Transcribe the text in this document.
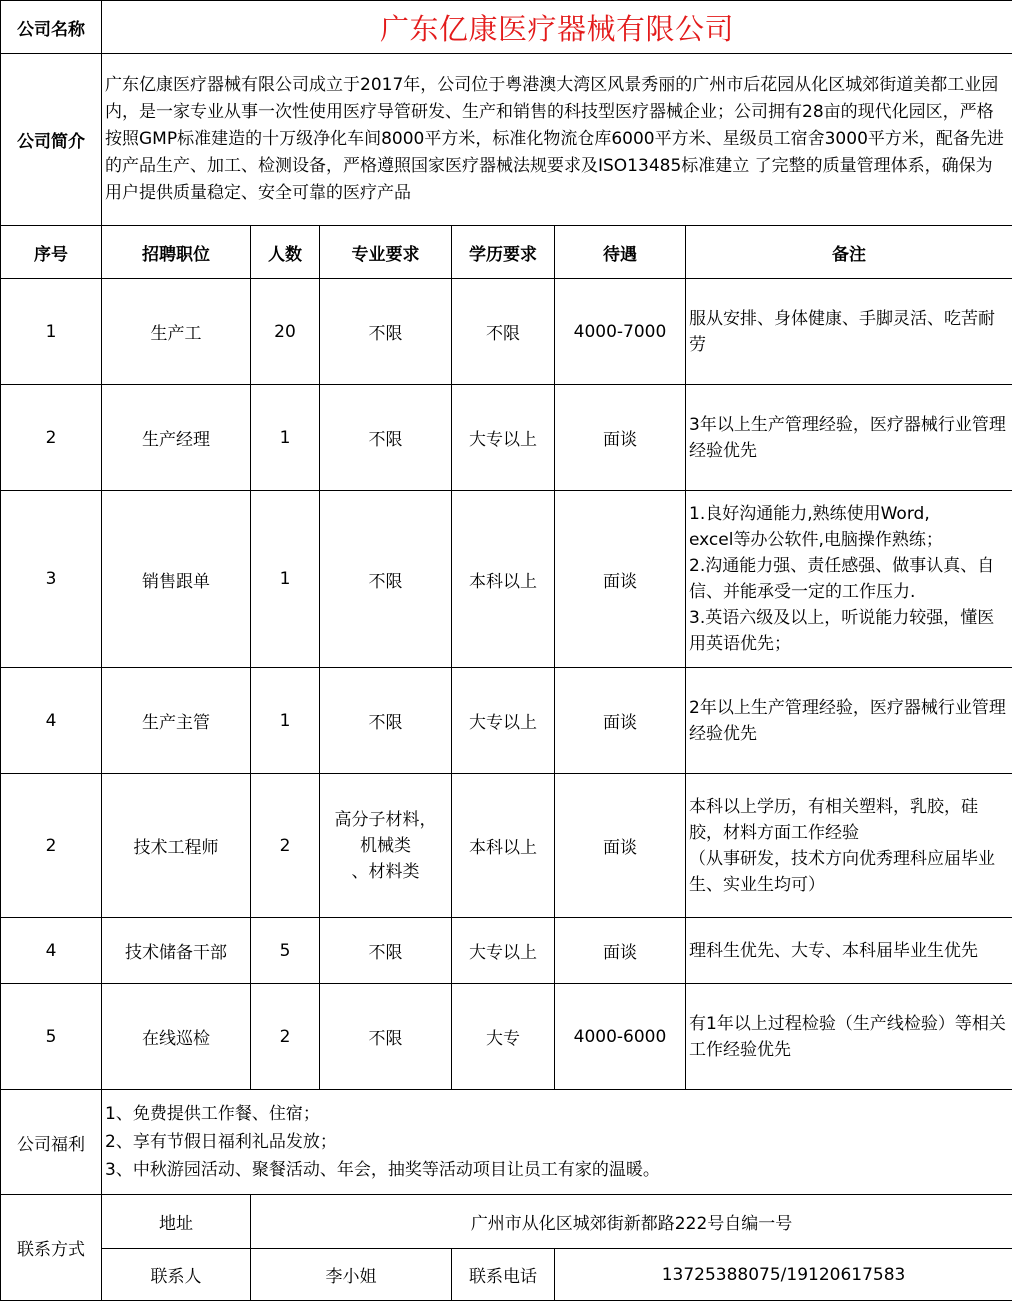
公司名称	广东亿康医疗器械有限公司					
公司简介	广东亿康医疗器械有限公司成立于2017年，公司位于粤港澳大湾区风景秀丽的广州市后花园从化区城郊街道美都工业园内，是一家专业从事一次性使用医疗导管研发、生产和销售的科技型医疗器械企业；公司拥有28亩的现代化园区，严格按照GMP标准建造的十万级净化车间8000平方米，标准化物流仓库6000平方米、星级员工宿舍3000平方米，配备先进的产品生产、加工、检测设备，严格遵照国家医疗器械法规要求及ISO13485标准建立 了完整的质量管理体系，确保为用户提供质量稳定、安全可靠的医疗产品					
序号	招聘职位	人数	专业要求	学历要求	待遇	备注
1	生产工	20	不限	不限	4000-7000	服从安排、身体健康、手脚灵活、吃苦耐劳
2	生产经理	1	不限	大专以上	面谈	3年以上生产管理经验，医疗器械行业管理经验优先
3	销售跟单	1	不限	本科以上	面谈	1.良好沟通能力,熟练使用Word,
excel等办公软件,电脑操作熟练；
2.沟通能力强、责任感强、做事认真、自信、并能承受一定的工作压力.
3.英语六级及以上，听说能力较强，懂医用英语优先；
4	生产主管	1	不限	大专以上	面谈	2年以上生产管理经验，医疗器械行业管理经验优先
2	技术工程师	2	高分子材料，
机械类
、材料类	本科以上	面谈	本科以上学历，有相关塑料，乳胶，硅胶，材料方面工作经验
（从事研发，技术方向优秀理科应届毕业生、实业生均可）
4	技术储备干部	5	不限	大专以上	面谈	理科生优先、大专、本科届毕业生优先
5	在线巡检	2	不限	大专	4000-6000	有1年以上过程检验（生产线检验）等相关工作经验优先
公司福利	1、免费提供工作餐、住宿；
2、享有节假日福利礼品发放；
3、中秋游园活动、聚餐活动、年会，抽奖等活动项目让员工有家的温暖。					

联系方式	地址	广州市从化区城郊街新都路222号自编一号				
	联系人	李小姐		联系电话	13725388075/19120617583	
